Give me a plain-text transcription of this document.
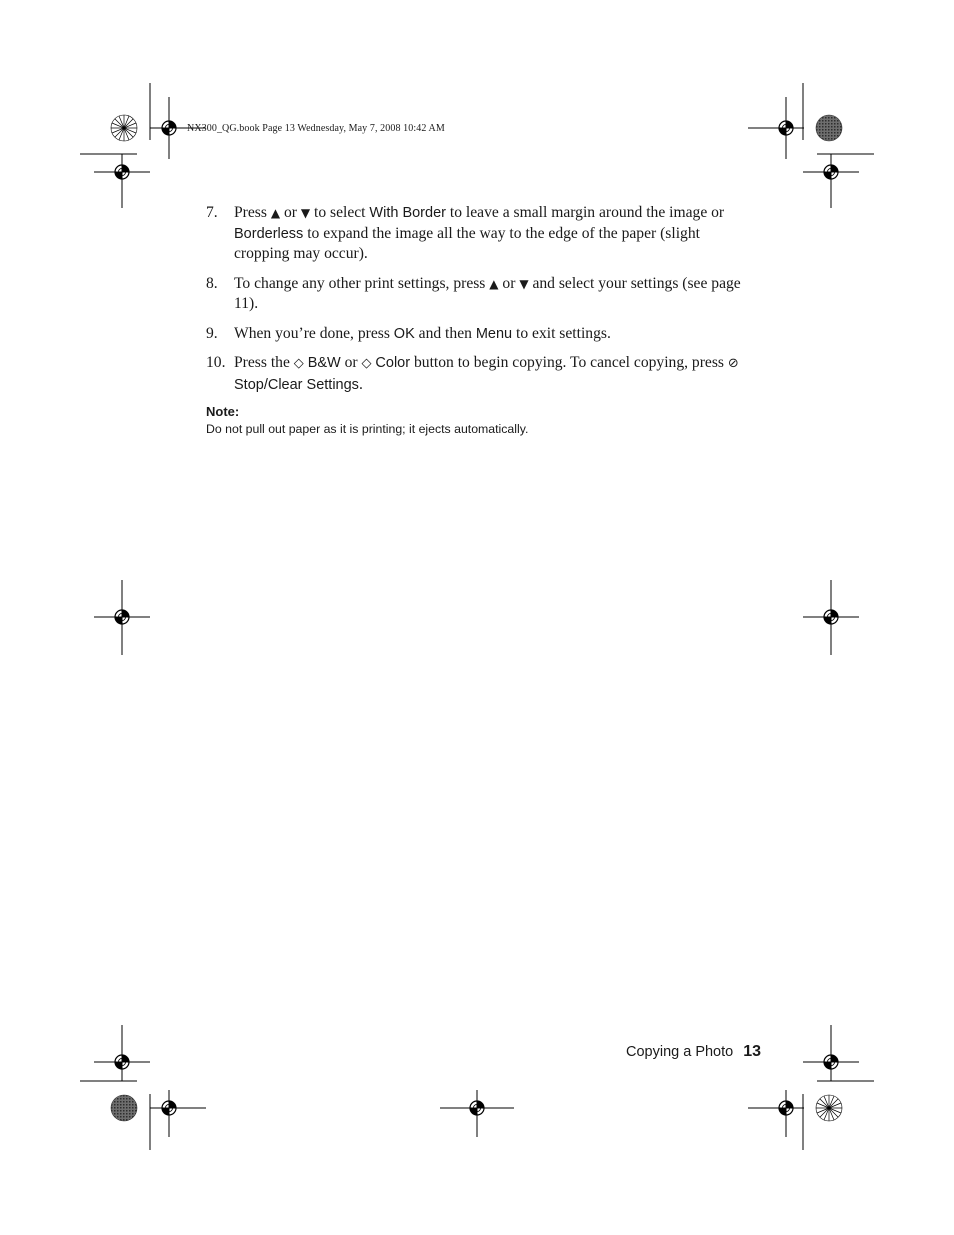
NX300_QG.book Page 13 Wednesday, May 7, 2008 10:42 AM
7. Press ▲ or ▼ to select With Border to leave a small margin around the image or Borderless to expand the image all the way to the edge of the paper (slight cropping may occur).
8. To change any other print settings, press ▲ or ▼ and select your settings (see page 11).
9. When you’re done, press OK and then Menu to exit settings.
10. Press the ◇ B&W or ◇ Color button to begin copying. To cancel copying, press ⊘ Stop/Clear Settings.
Note:
Do not pull out paper as it is printing; it ejects automatically.
Copying a Photo 13
